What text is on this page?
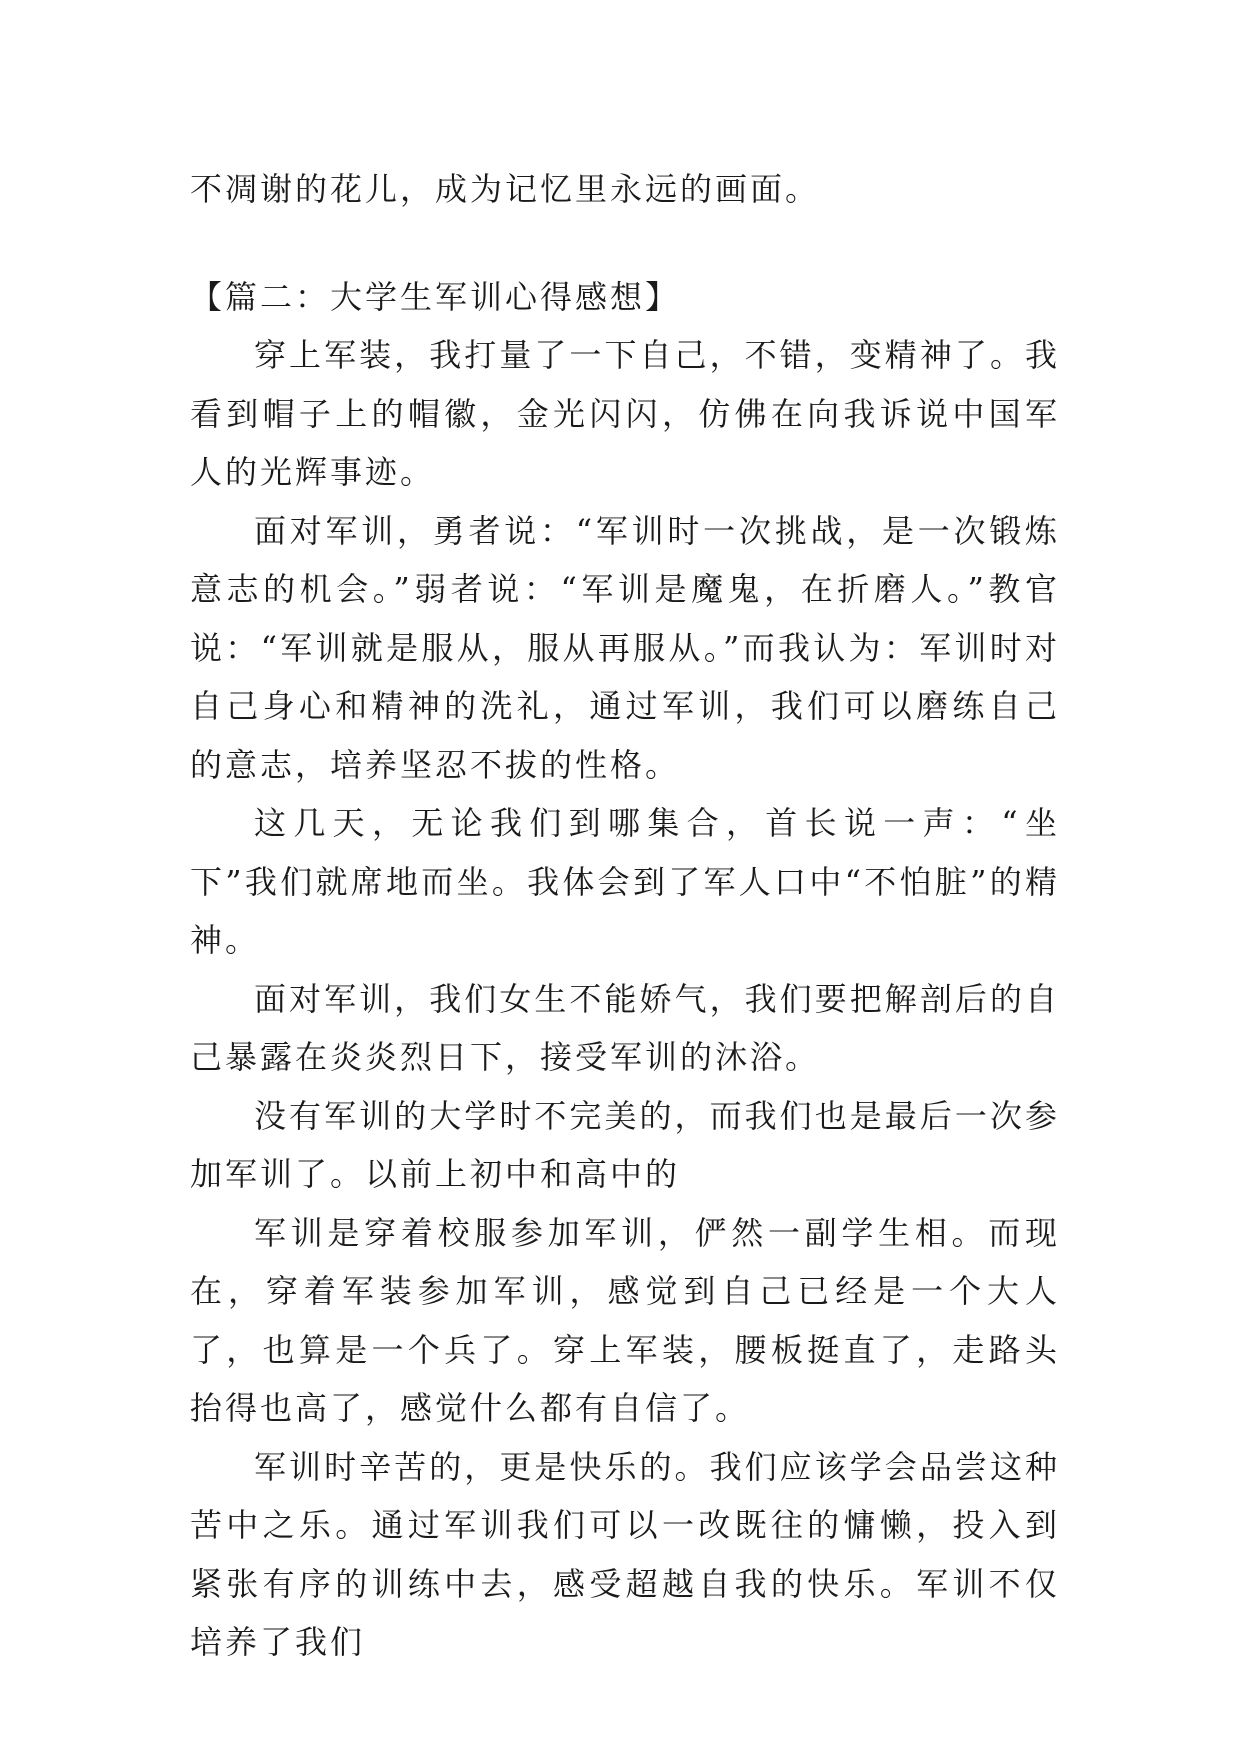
不凋谢的花儿，成为记忆里永远的画面。

【篇二：大学生军训心得感想】

穿上军装，我打量了一下自己，不错，变精神了。我看到帽子上的帽徽，金光闪闪，仿佛在向我诉说中国军人的光辉事迹。

面对军训，勇者说：“军训时一次挑战，是一次锻炼意志的机会。”弱者说：“军训是魔鬼，在折磨人。”教官说：“军训就是服从，服从再服从。”而我认为：军训时对自己身心和精神的洗礼，通过军训，我们可以磨练自己的意志，培养坚忍不拔的性格。

这几天，无论我们到哪集合，首长说一声：“坐下”我们就席地而坐。我体会到了军人口中“不怕脏”的精神。

面对军训，我们女生不能娇气，我们要把解剖后的自己暴露在炎炎烈日下，接受军训的沐浴。

没有军训的大学时不完美的，而我们也是最后一次参加军训了。以前上初中和高中的

军训是穿着校服参加军训，俨然一副学生相。而现在，穿着军装参加军训，感觉到自己已经是一个大人了，也算是一个兵了。穿上军装，腰板挺直了，走路头抬得也高了，感觉什么都有自信了。

军训时辛苦的，更是快乐的。我们应该学会品尝这种苦中之乐。通过军训我们可以一改既往的慵懒，投入到紧张有序的训练中去，感受超越自我的快乐。军训不仅培养了我们
